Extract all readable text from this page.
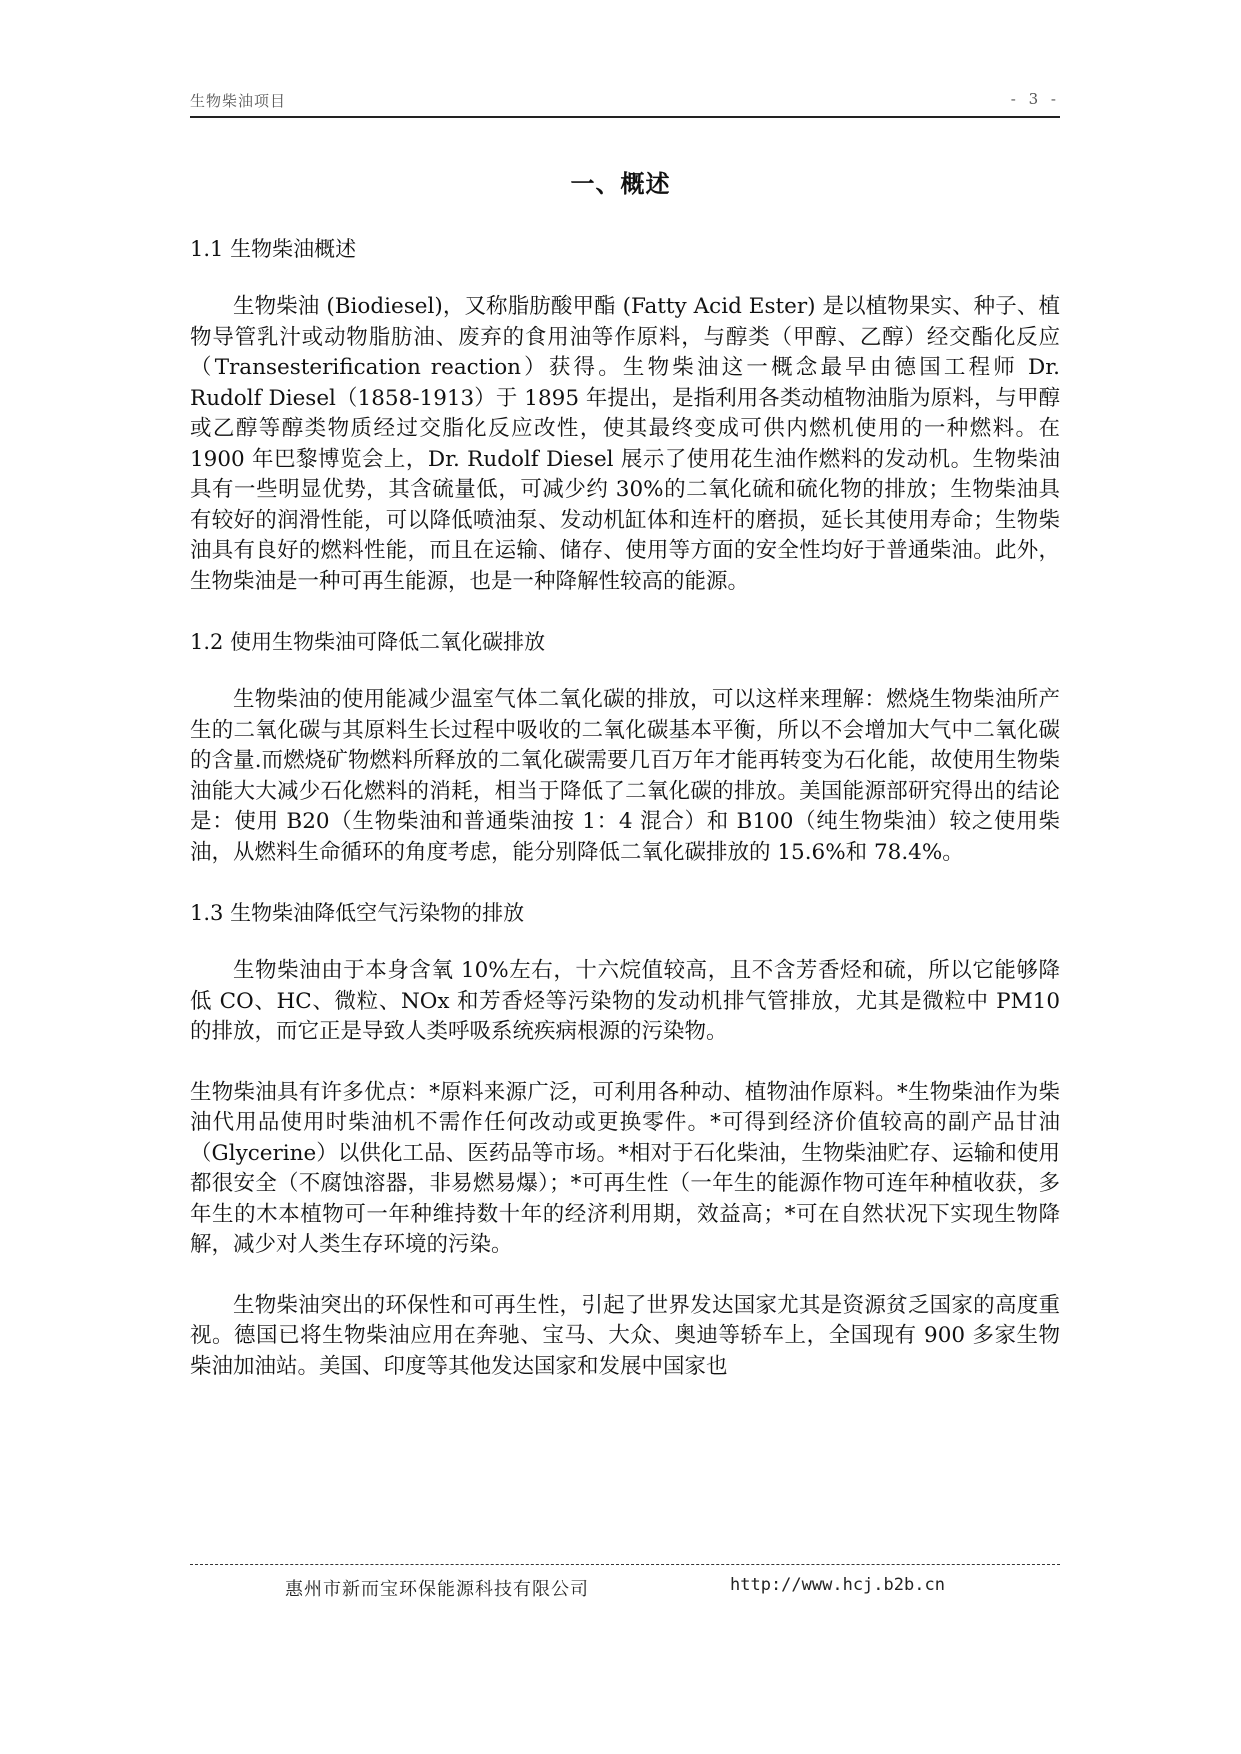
生物柴油项目	- 3 -
一、概述
1.1 生物柴油概述
生物柴油 (Biodiesel)，又称脂肪酸甲酯 (Fatty Acid Ester) 是以植物果实、种子、植物导管乳汁或动物脂肪油、废弃的食用油等作原料，与醇类（甲醇、乙醇）经交酯化反应（Transesterification reaction）获得。生物柴油这一概念最早由德国工程师 Dr. Rudolf Diesel（1858-1913）于 1895 年提出，是指利用各类动植物油脂为原料，与甲醇或乙醇等醇类物质经过交脂化反应改性，使其最终变成可供内燃机使用的一种燃料。在 1900 年巴黎博览会上，Dr. Rudolf Diesel 展示了使用花生油作燃料的发动机。生物柴油具有一些明显优势，其含硫量低，可减少约 30%的二氧化硫和硫化物的排放；生物柴油具有较好的润滑性能，可以降低喷油泵、发动机缸体和连杆的磨损，延长其使用寿命；生物柴油具有良好的燃料性能，而且在运输、储存、使用等方面的安全性均好于普通柴油。此外，生物柴油是一种可再生能源，也是一种降解性较高的能源。
1.2 使用生物柴油可降低二氧化碳排放
生物柴油的使用能减少温室气体二氧化碳的排放，可以这样来理解：燃烧生物柴油所产生的二氧化碳与其原料生长过程中吸收的二氧化碳基本平衡，所以不会增加大气中二氧化碳的含量.而燃烧矿物燃料所释放的二氧化碳需要几百万年才能再转变为石化能，故使用生物柴油能大大减少石化燃料的消耗，相当于降低了二氧化碳的排放。美国能源部研究得出的结论是：使用 B20（生物柴油和普通柴油按 1：4 混合）和 B100（纯生物柴油）较之使用柴油，从燃料生命循环的角度考虑，能分别降低二氧化碳排放的 15.6%和 78.4%。
1.3 生物柴油降低空气污染物的排放
生物柴油由于本身含氧 10%左右，十六烷值较高，且不含芳香烃和硫，所以它能够降低 CO、HC、微粒、NOx 和芳香烃等污染物的发动机排气管排放，尤其是微粒中 PM10 的排放，而它正是导致人类呼吸系统疾病根源的污染物。
生物柴油具有许多优点：*原料来源广泛，可利用各种动、植物油作原料。*生物柴油作为柴油代用品使用时柴油机不需作任何改动或更换零件。*可得到经济价值较高的副产品甘油（Glycerine）以供化工品、医药品等市场。*相对于石化柴油，生物柴油贮存、运输和使用都很安全（不腐蚀溶器，非易燃易爆）；*可再生性（一年生的能源作物可连年种植收获，多年生的木本植物可一年种维持数十年的经济利用期，效益高；*可在自然状况下实现生物降解，减少对人类生存环境的污染。
生物柴油突出的环保性和可再生性，引起了世界发达国家尤其是资源贫乏国家的高度重视。德国已将生物柴油应用在奔驰、宝马、大众、奥迪等轿车上，全国现有 900 多家生物柴油加油站。美国、印度等其他发达国家和发展中国家也
惠州市新而宝环保能源科技有限公司	http://www.hcj.b2b.cn
